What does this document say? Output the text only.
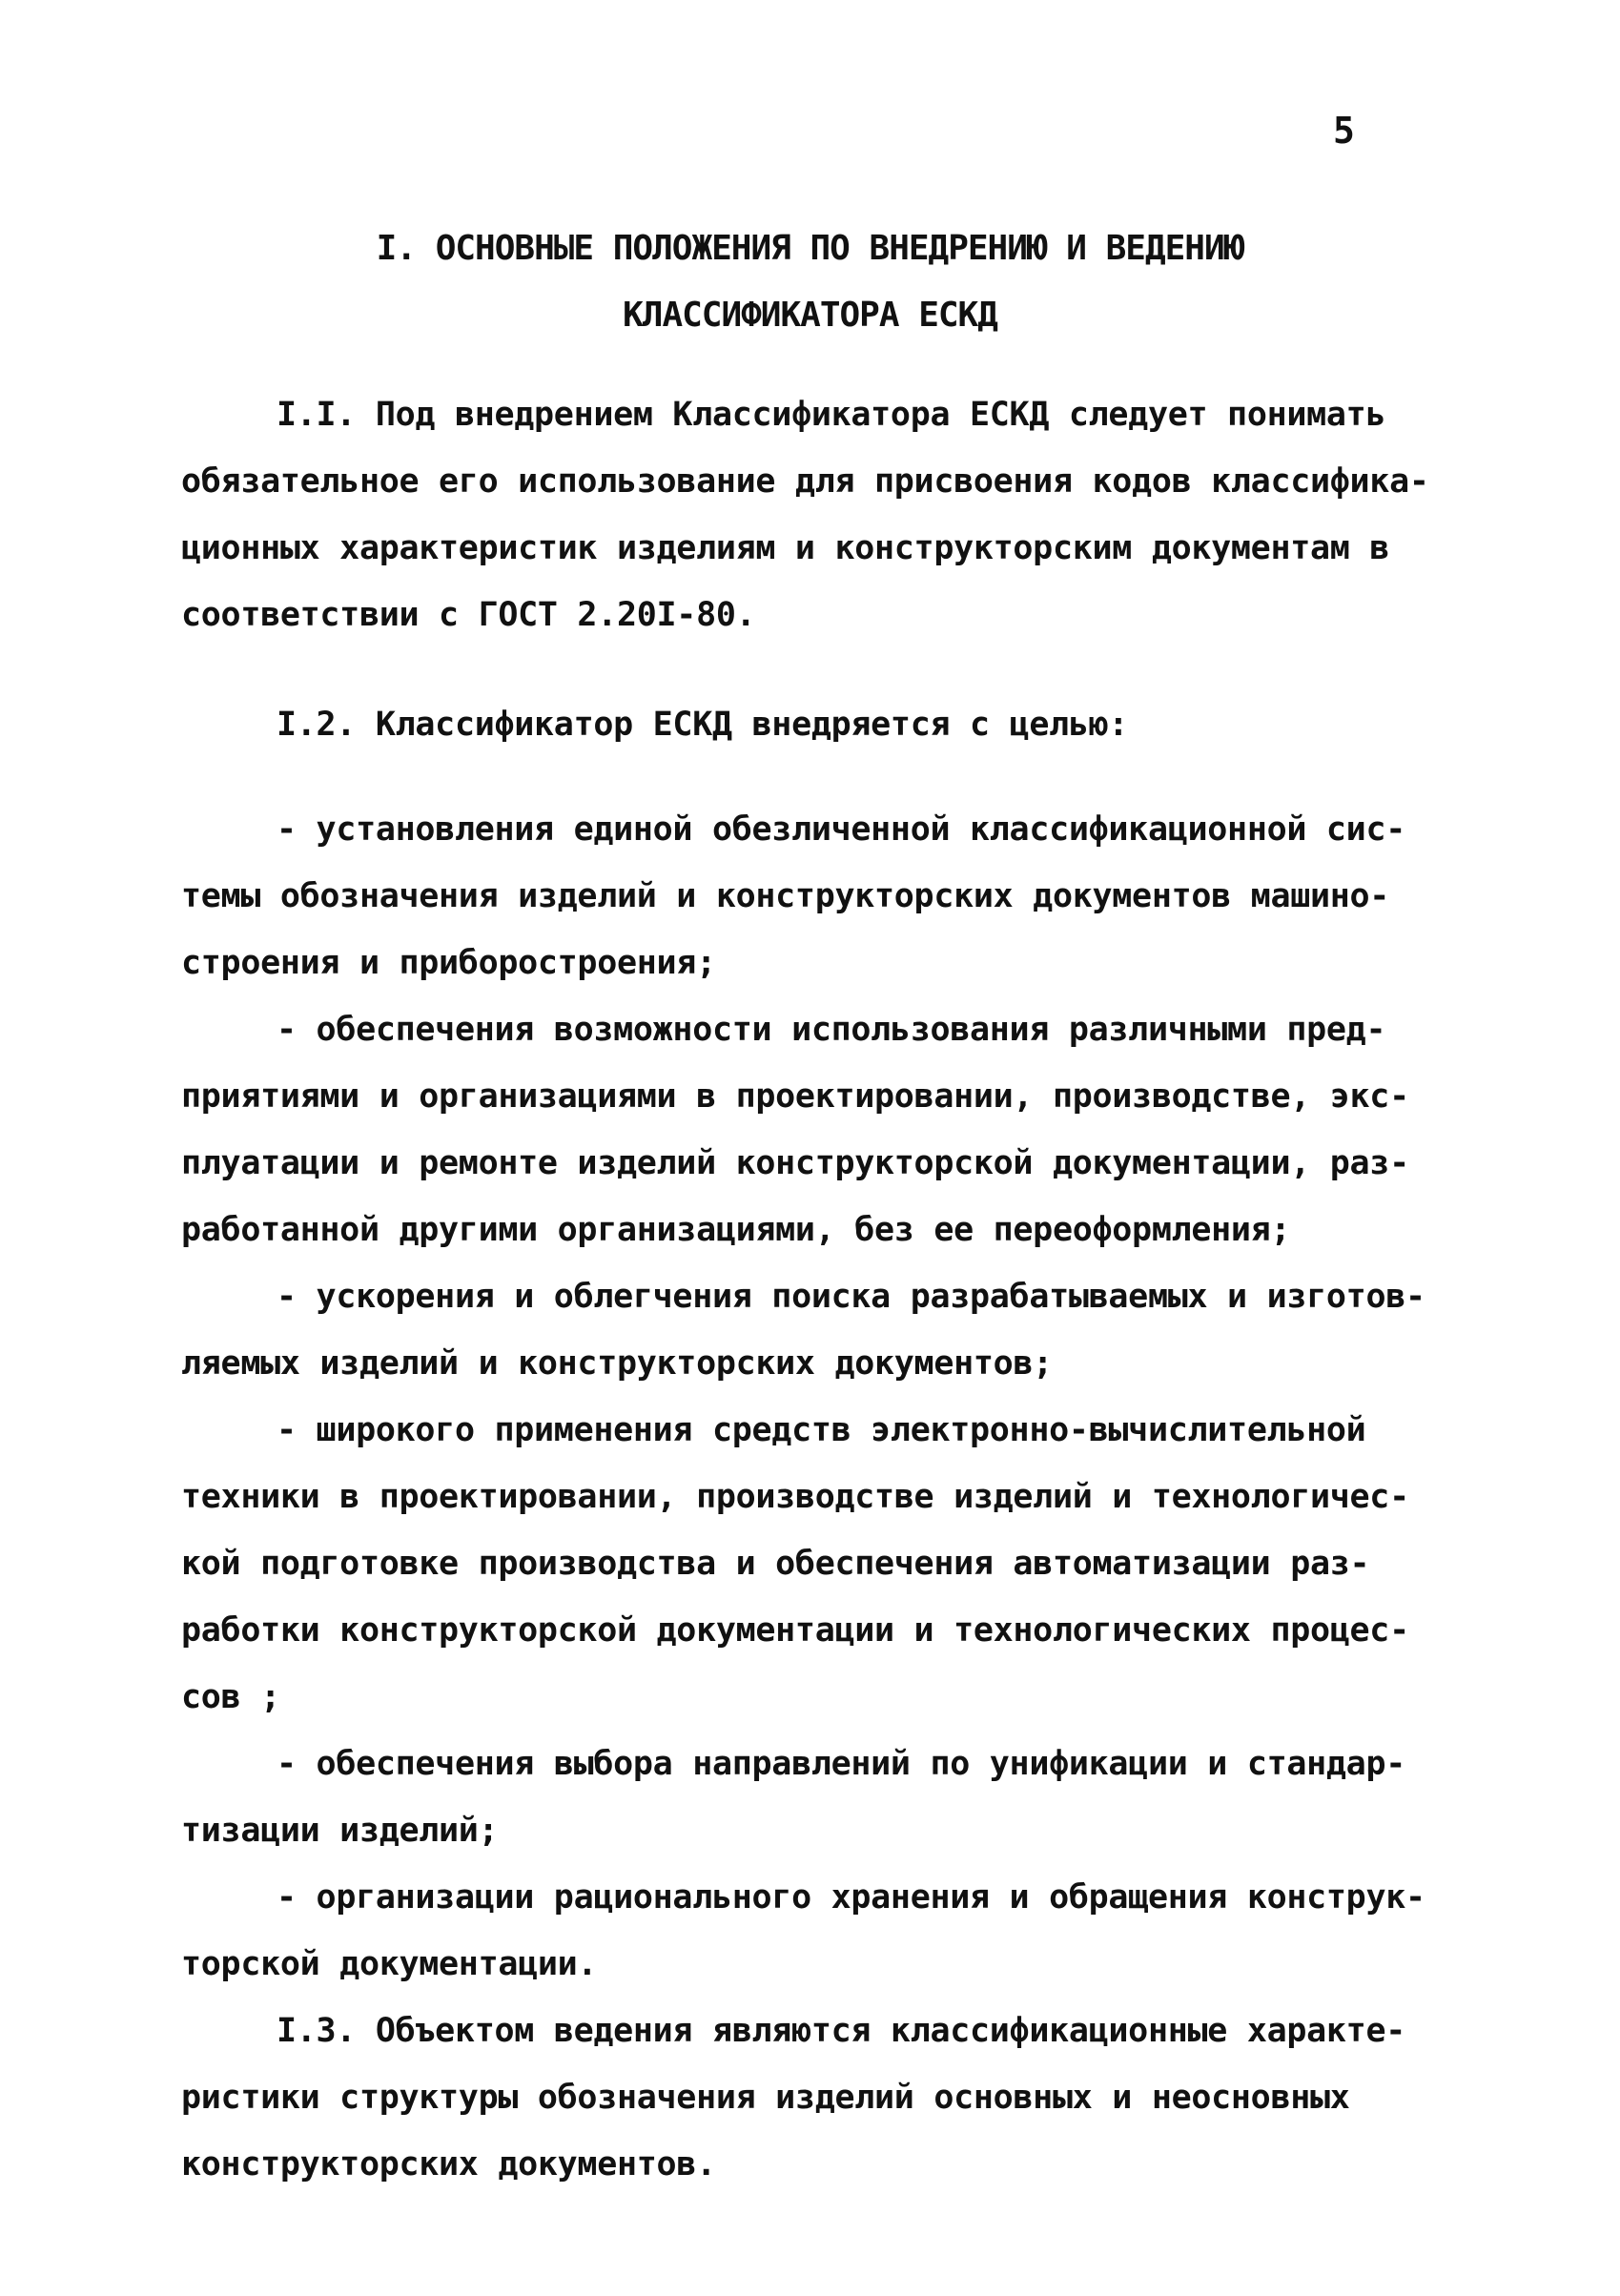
5
I. ОСНОВНЫЕ ПОЛОЖЕНИЯ ПО ВНЕДРЕНИЮ И ВЕДЕНИЮ
КЛАССИФИКАТОРА ЕСКД
I.I. Под внедрением Классификатора ЕСКД следует понимать
обязательное его использование для присвоения кодов классифика-
ционных характеристик изделиям и конструкторским документам в
соответствии с ГОСТ 2.20I-80.
I.2. Классификатор ЕСКД внедряется с целью:
- установления единой обезличенной классификационной сис-
темы обозначения изделий и конструкторских документов машино-
строения и приборостроения;
- обеспечения возможности использования различными пред-
приятиями и организациями в проектировании, производстве, экс-
плуатации и ремонте изделий конструкторской документации, раз-
работанной другими организациями, без ее переоформления;
- ускорения и облегчения поиска разрабатываемых и изготов-
ляемых изделий и конструкторских документов;
- широкого применения средств электронно-вычислительной
техники в проектировании, производстве изделий и технологичес-
кой подготовке производства и обеспечения автоматизации раз-
работки конструкторской документации и технологических процес-
сов ;
- обеспечения выбора направлений по унификации и стандар-
тизации изделий;
- организации рационального хранения и обращения конструк-
торской документации.
I.3. Объектом ведения являются классификационные характе-
ристики структуры обозначения изделий основных и неосновных
конструкторских документов.
